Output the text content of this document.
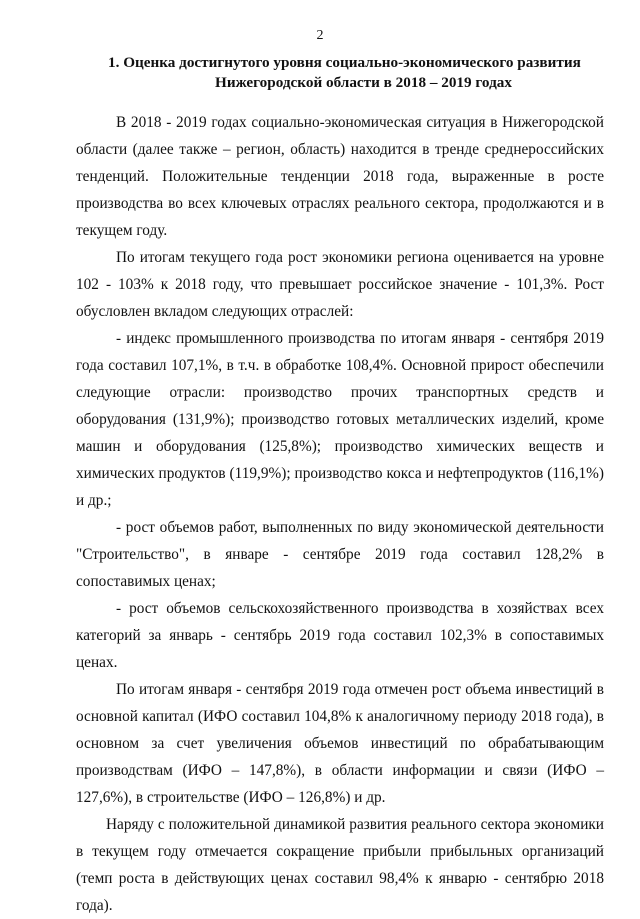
2
1. Оценка достигнутого уровня социально-экономического развития
Нижегородской области в 2018 – 2019 годах

В 2018 - 2019 годах социально-экономическая ситуация в Нижегородской области (далее также – регион, область) находится в тренде среднероссийских тенденций. Положительные тенденции 2018 года, выраженные в росте производства во всех ключевых отраслях реального сектора, продолжаются и в текущем году.

По итогам текущего года рост экономики региона оценивается на уровне 102 - 103% к 2018 году, что превышает российское значение - 101,3%. Рост обусловлен вкладом следующих отраслей:

- индекс промышленного производства по итогам января - сентября 2019 года составил 107,1%, в т.ч. в обработке 108,4%. Основной прирост обеспечили следующие отрасли: производство прочих транспортных средств и оборудования (131,9%); производство готовых металлических изделий, кроме машин и оборудования (125,8%); производство химических веществ и химических продуктов (119,9%); производство кокса и нефтепродуктов (116,1%) и др.;

- рост объемов работ, выполненных по виду экономической деятельности "Строительство", в январе - сентябре 2019 года составил 128,2% в сопоставимых ценах;

- рост объемов сельскохозяйственного производства в хозяйствах всех категорий за январь - сентябрь 2019 года составил 102,3% в сопоставимых ценах.

По итогам января - сентября 2019 года отмечен рост объема инвестиций в основной капитал (ИФО составил 104,8% к аналогичному периоду 2018 года), в основном за счет увеличения объемов инвестиций по обрабатывающим производствам (ИФО – 147,8%), в области информации и связи (ИФО – 127,6%), в строительстве (ИФО – 126,8%) и др.

Наряду с положительной динамикой развития реального сектора экономики в текущем году отмечается сокращение прибыли прибыльных организаций (темп роста в действующих ценах составил 98,4% к январю - сентябрю 2018 года).
